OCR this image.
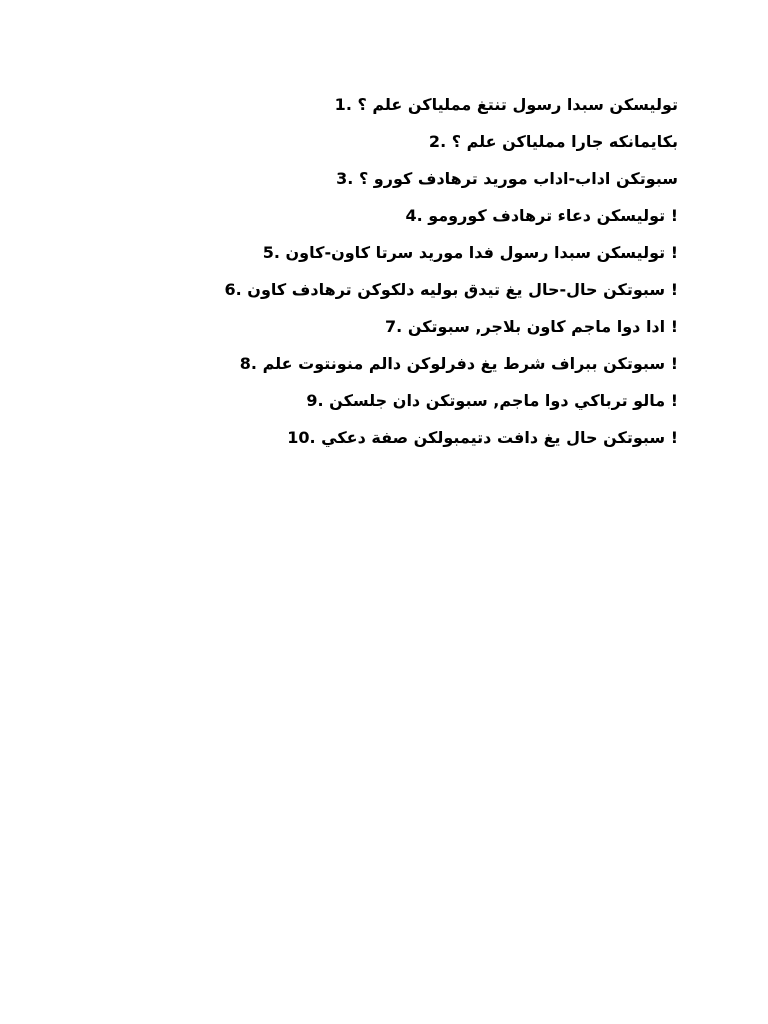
توليسكن سبدا رسول تنتغ مملياكن علم ؟ .1
بكايمانكه جارا مملياكن علم ؟ .2
سبوتكن اداب-اداب موريد ترهادف كورو ؟ .3
! توليسكن دعاء ترهادف كورومو .4
! توليسكن سبدا رسول فدا موريد سرتا كاون-كاون .5
! سبوتكن حال-حال يغ تيدق بوليه دلكوكن ترهادف كاون .6
! ادا دوا ماجم كاون بلاجر, سبوتكن .7
! سبوتكن ببراف شرط يغ دفرلوكن دالم منونتوت علم .8
! مالو ترباكي دوا ماجم, سبوتكن دان جلسكن .9
! سبوتكن حال يغ دافت دتيمبولكن صفة دعكي .10
